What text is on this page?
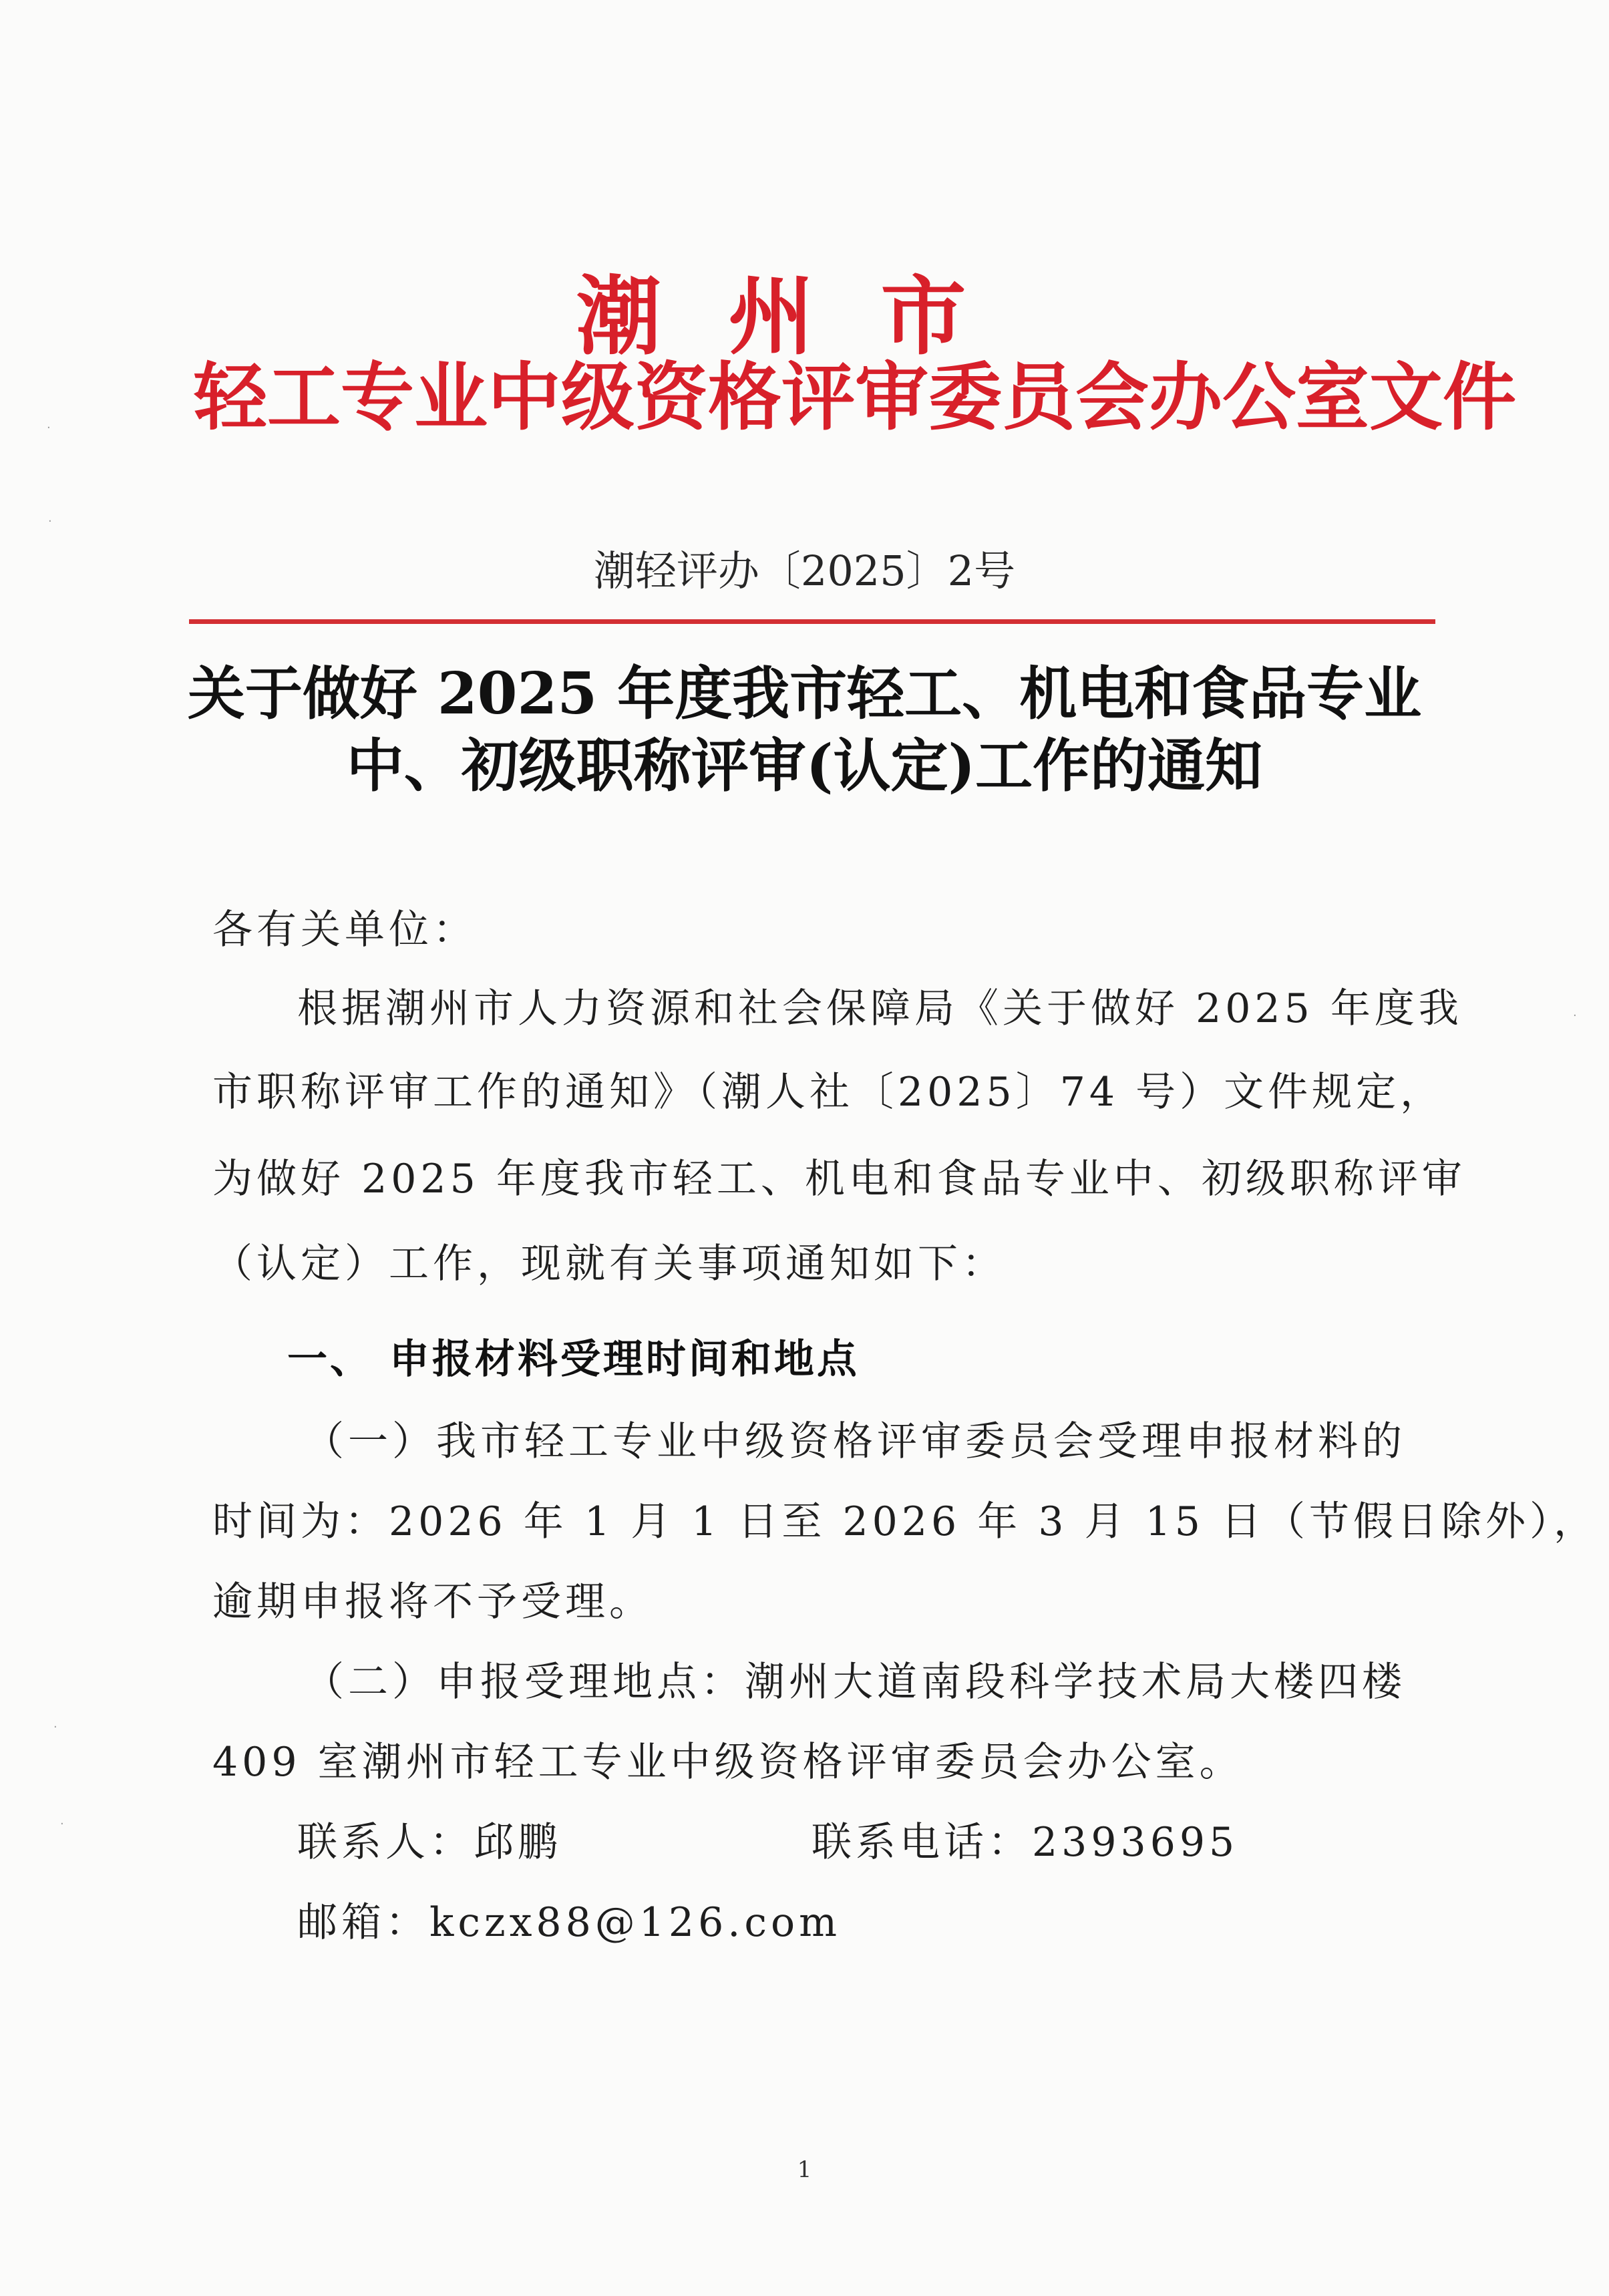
潮州市
轻工专业中级资格评审委员会办公室文件
潮轻评办〔2025〕2号
关于做好 2025 年度我市轻工、机电和食品专业
中、初级职称评审(认定)工作的通知
各有关单位：
根据潮州市人力资源和社会保障局《关于做好 2025 年度我
市职称评审工作的通知》（潮人社〔2025〕74 号）文件规定，
为做好 2025 年度我市轻工、机电和食品专业中、初级职称评审
（认定）工作，现就有关事项通知如下：
一、 申报材料受理时间和地点
（一）我市轻工专业中级资格评审委员会受理申报材料的
时间为：2026 年 1 月 1 日至 2026 年 3 月 15 日（节假日除外），
逾期申报将不予受理。
（二）申报受理地点：潮州大道南段科学技术局大楼四楼
409 室潮州市轻工专业中级资格评审委员会办公室。
联系人：邱鹏	联系电话：2393695
邮箱：kczx88@126.com
1
·
·
·
·
·
